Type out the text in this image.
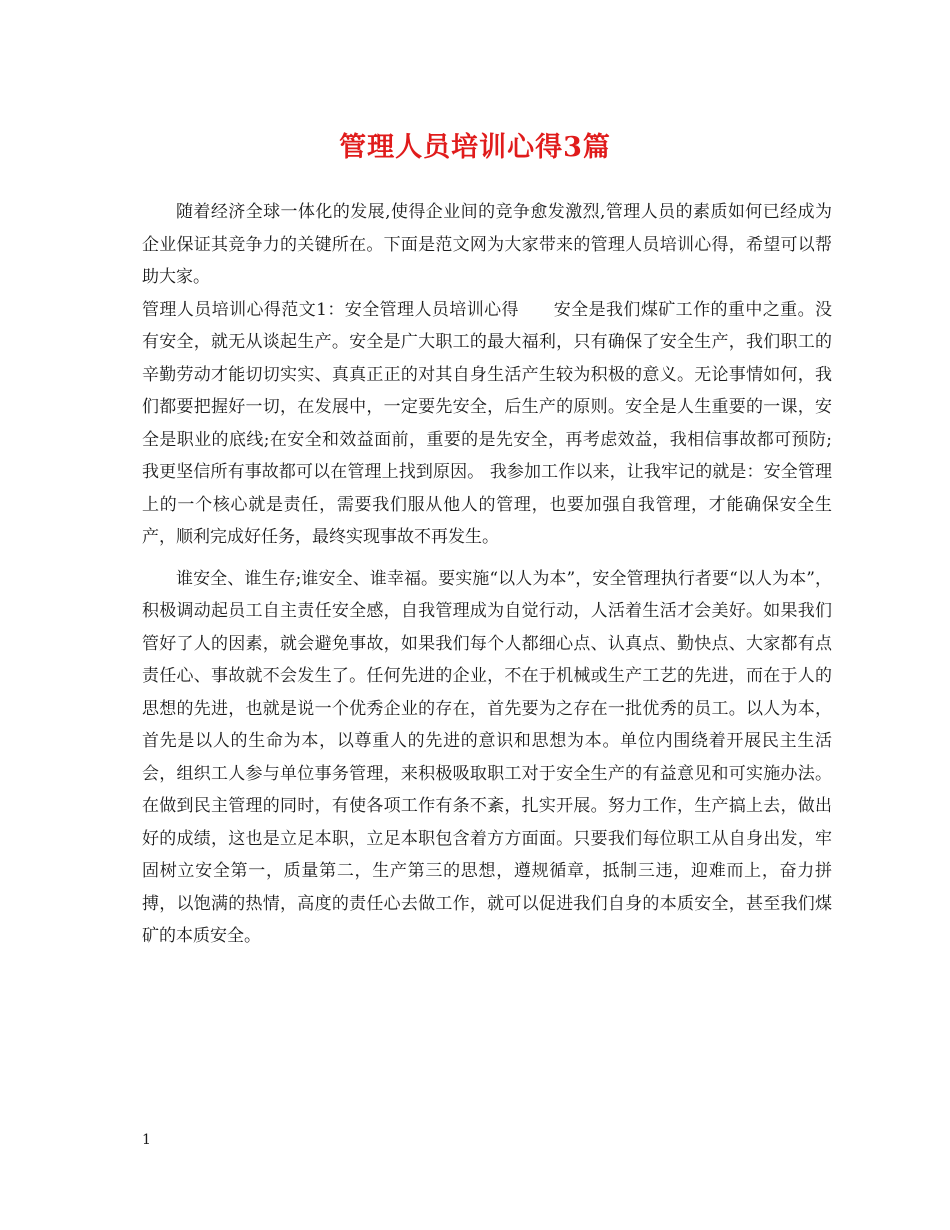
管理人员培训心得3篇

随着经济全球一体化的发展,使得企业间的竞争愈发激烈,管理人员的素质如何已经成为企业保证其竞争力的关键所在。下面是范文网为大家带来的管理人员培训心得，希望可以帮助大家。

管理人员培训心得范文1：安全管理人员培训心得　　安全是我们煤矿工作的重中之重。没有安全，就无从谈起生产。安全是广大职工的最大福利，只有确保了安全生产，我们职工的辛勤劳动才能切切实实、真真正正的对其自身生活产生较为积极的意义。无论事情如何，我们都要把握好一切，在发展中，一定要先安全，后生产的原则。安全是人生重要的一课，安全是职业的底线;在安全和效益面前，重要的是先安全，再考虑效益，我相信事故都可预防;我更坚信所有事故都可以在管理上找到原因。 我参加工作以来，让我牢记的就是：安全管理上的一个核心就是责任，需要我们服从他人的管理，也要加强自我管理，才能确保安全生产，顺利完成好任务，最终实现事故不再发生。

谁安全、谁生存;谁安全、谁幸福。要实施“以人为本”，安全管理执行者要“以人为本”，积极调动起员工自主责任安全感，自我管理成为自觉行动，人活着生活才会美好。如果我们管好了人的因素，就会避免事故，如果我们每个人都细心点、认真点、勤快点、大家都有点责任心、事故就不会发生了。任何先进的企业，不在于机械或生产工艺的先进，而在于人的思想的先进，也就是说一个优秀企业的存在，首先要为之存在一批优秀的员工。以人为本，首先是以人的生命为本，以尊重人的先进的意识和思想为本。单位内围绕着开展民主生活会，组织工人参与单位事务管理，来积极吸取职工对于安全生产的有益意见和可实施办法。在做到民主管理的同时，有使各项工作有条不紊，扎实开展。努力工作，生产搞上去，做出好的成绩，这也是立足本职，立足本职包含着方方面面。只要我们每位职工从自身出发，牢固树立安全第一，质量第二，生产第三的思想，遵规循章，抵制三违，迎难而上，奋力拼搏，以饱满的热情，高度的责任心去做工作，就可以促进我们自身的本质安全，甚至我们煤矿的本质安全。

1
